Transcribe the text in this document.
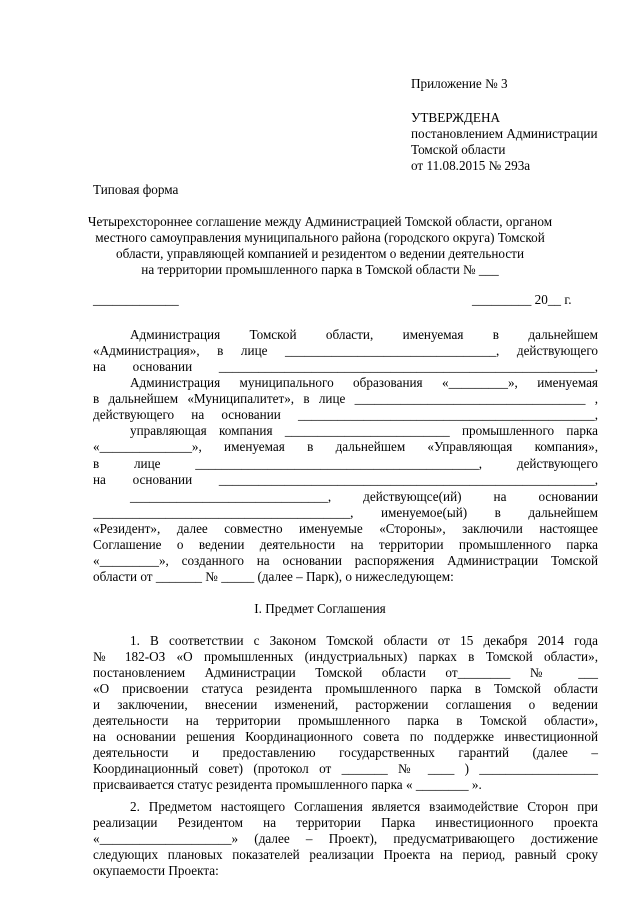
Приложение № 3
УТВЕРЖДЕНА
постановлением Администрации
Томской области
от 11.08.2015 № 293а
Типовая форма
Четырехстороннее соглашение между Администрацией Томской области, органом
местного самоуправления муниципального района (городского округа) Томской
области, управляющей компанией и резидентом о ведении деятельности
на территории промышленного парка в Томской области № ___
_____________	_________ 20__ г.
Администрация Томской области, именуемая в дальнейшем
«Администрация», в лице ________________________________, действующего
на основании _________________________________________________________,
Администрация муниципального образования «_________», именуемая
в дальнейшем «Муниципалитет», в лице ___________________________________ ,
действующего на основании _____________________________________________,
управляющая компания _________________________ промышленного парка
«______________», именуемая в дальнейшем «Управляющая компания»,
в лице ___________________________________________, действующего
на основании _________________________________________________________,
______________________________, действующсе(ий) на основании
_______________________________________, именуемое(ый) в дальнейшем
«Резидент», далее совместно именуемые «Стороны», заключили настоящее
Соглашение о ведении деятельности на территории промышленного парка
«_________», созданного на основании распоряжения Администрации Томской
области от _______ № _____ (далее – Парк), о нижеследующем:
I. Предмет Соглашения
1. В соответствии с Законом Томской области от 15 декабря 2014 года
№ 182-ОЗ «О промышленных (индустриальных) парках в Томской области»,
постановлением Администрации Томской области от________ № ___
«О присвоении статуса резидента промышленного парка в Томской области
и заключении, внесении изменений, расторжении соглашения о ведении
деятельности на территории промышленного парка в Томской области»,
на основании решения Координационного совета по поддержке инвестиционной
деятельности и предоставлению государственных гарантий (далее –
Координационный совет) (протокол от _______ № ____ ) __________________
присваивается статус резидента промышленного парка « ________ ».
2. Предметом настоящего Соглашения является взаимодействие Сторон при
реализации Резидентом на территории Парка инвестиционного проекта
«____________________» (далее – Проект), предусматривающего достижение
следующих плановых показателей реализации Проекта на период, равный сроку
окупаемости Проекта:
